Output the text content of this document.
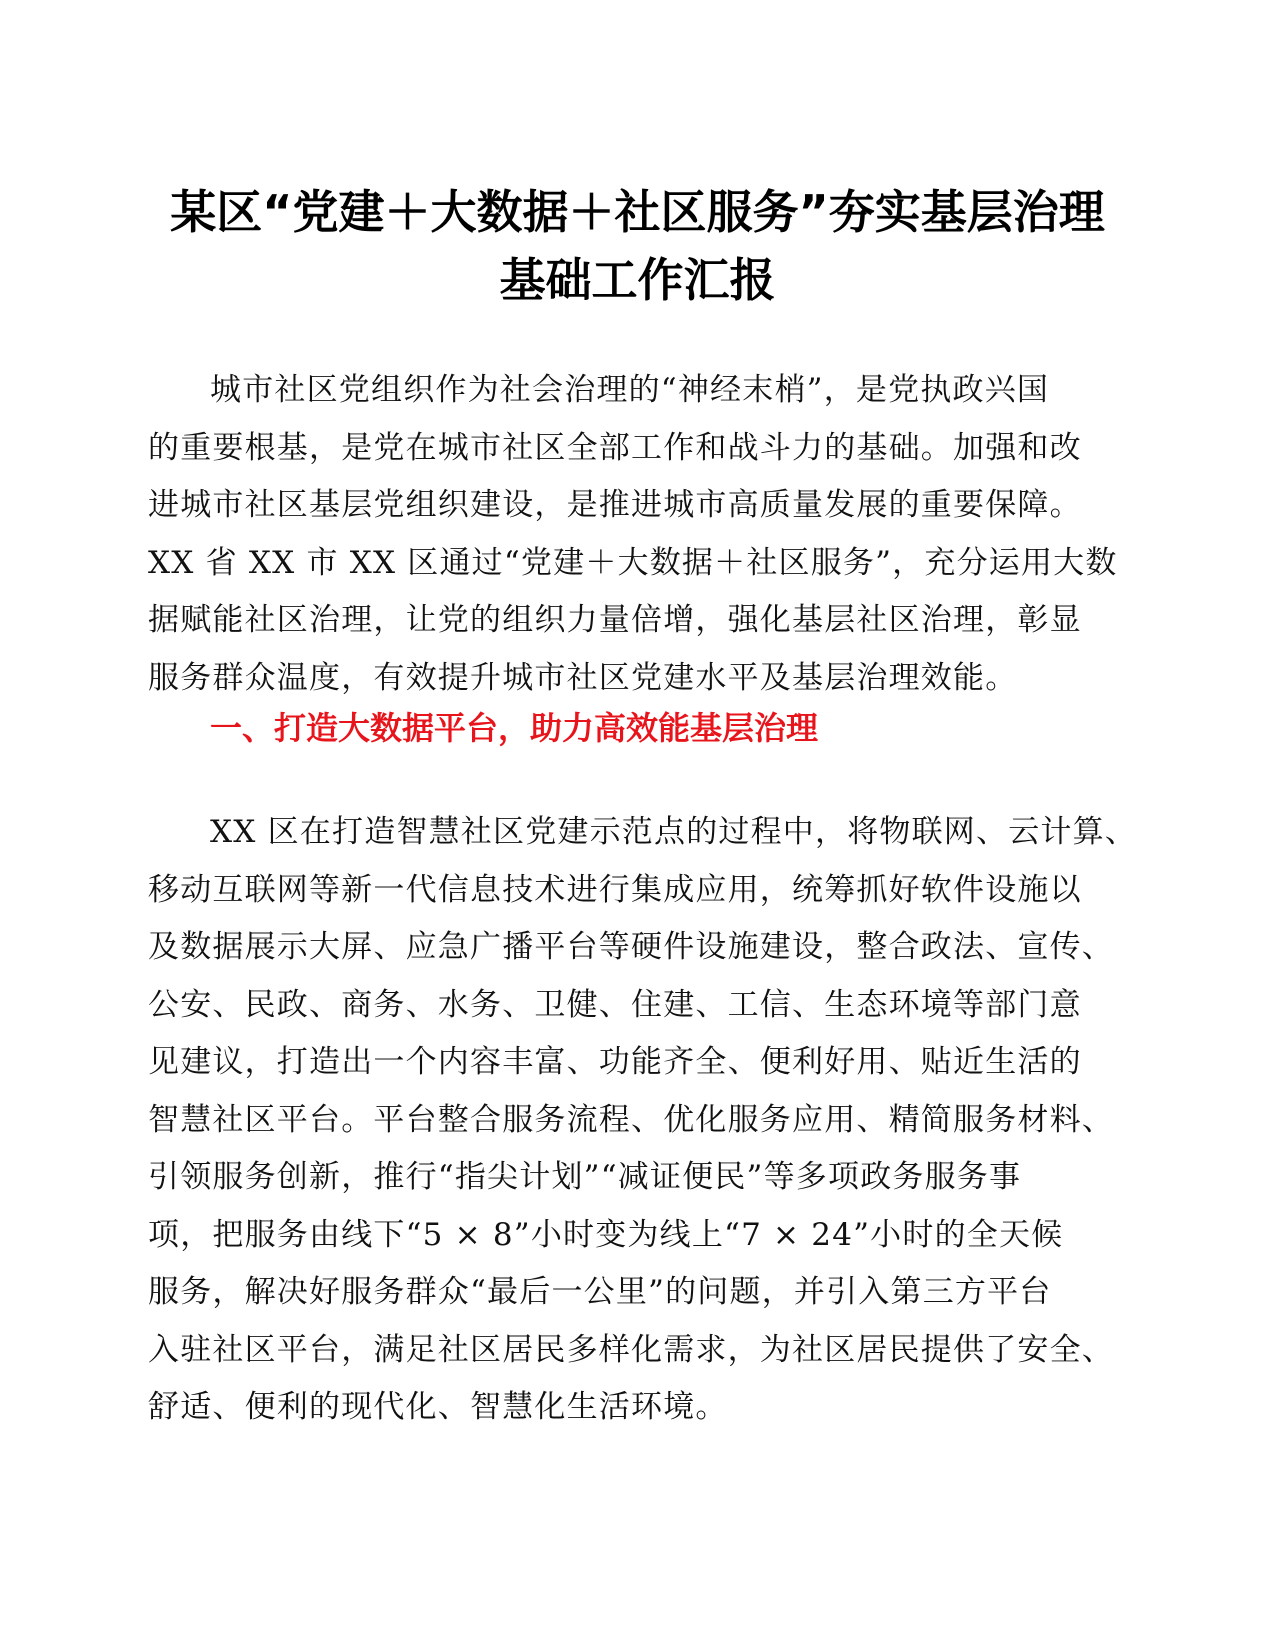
某区“党建＋大数据＋社区服务”夯实基层治理
基础工作汇报
城市社区党组织作为社会治理的“神经末梢”，是党执政兴国
的重要根基，是党在城市社区全部工作和战斗力的基础。加强和改
进城市社区基层党组织建设，是推进城市高质量发展的重要保障。
XX 省 XX 市 XX 区通过“党建＋大数据＋社区服务”，充分运用大数
据赋能社区治理，让党的组织力量倍增，强化基层社区治理，彰显
服务群众温度，有效提升城市社区党建水平及基层治理效能。
一、打造大数据平台，助力高效能基层治理
XX 区在打造智慧社区党建示范点的过程中，将物联网、云计算、
移动互联网等新一代信息技术进行集成应用，统筹抓好软件设施以
及数据展示大屏、应急广播平台等硬件设施建设，整合政法、宣传、
公安、民政、商务、水务、卫健、住建、工信、生态环境等部门意
见建议，打造出一个内容丰富、功能齐全、便利好用、贴近生活的
智慧社区平台。平台整合服务流程、优化服务应用、精简服务材料、
引领服务创新，推行“指尖计划”“减证便民”等多项政务服务事
项，把服务由线下“5 × 8”小时变为线上“7 × 24”小时的全天候
服务，解决好服务群众“最后一公里”的问题，并引入第三方平台
入驻社区平台，满足社区居民多样化需求，为社区居民提供了安全、
舒适、便利的现代化、智慧化生活环境。
